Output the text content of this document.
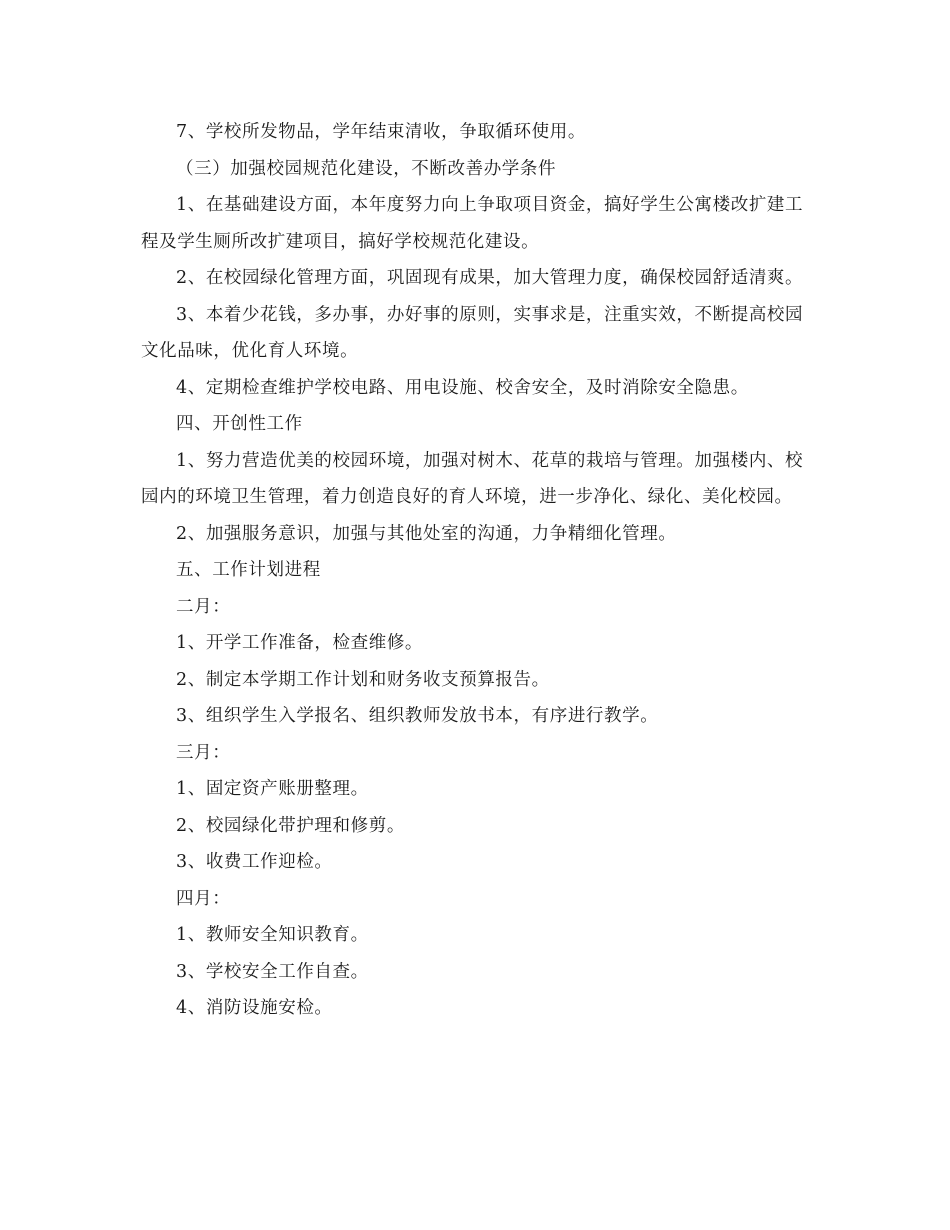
7、学校所发物品，学年结束清收，争取循环使用。

（三）加强校园规范化建设，不断改善办学条件

1、在基础建设方面，本年度努力向上争取项目资金，搞好学生公寓楼改扩建工程及学生厕所改扩建项目，搞好学校规范化建设。

2、在校园绿化管理方面，巩固现有成果，加大管理力度，确保校园舒适清爽。

3、本着少花钱，多办事，办好事的原则，实事求是，注重实效，不断提高校园文化品味，优化育人环境。

4、定期检查维护学校电路、用电设施、校舍安全，及时消除安全隐患。

四、开创性工作

1、努力营造优美的校园环境，加强对树木、花草的栽培与管理。加强楼内、校园内的环境卫生管理，着力创造良好的育人环境，进一步净化、绿化、美化校园。

2、加强服务意识，加强与其他处室的沟通，力争精细化管理。

五、工作计划进程

二月：

1、开学工作准备，检查维修。

2、制定本学期工作计划和财务收支预算报告。

3、组织学生入学报名、组织教师发放书本，有序进行教学。

三月：

1、固定资产账册整理。

2、校园绿化带护理和修剪。

3、收费工作迎检。

四月：

1、教师安全知识教育。

3、学校安全工作自查。

4、消防设施安检。
